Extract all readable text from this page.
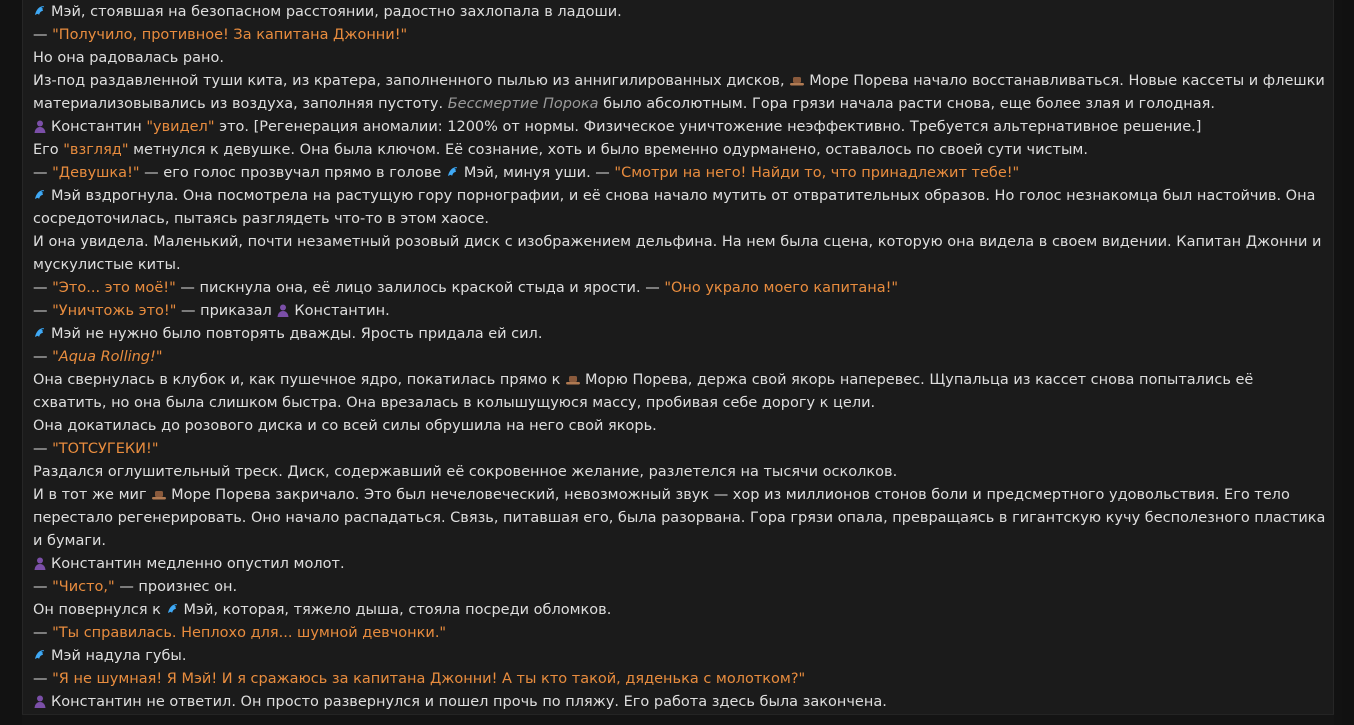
Мэй, стоявшая на безопасном расстоянии, радостно захлопала в ладоши.

— "Получило, противное! За капитана Джонни!"

Но она радовалась рано.

Из-под раздавленной туши кита, из кратера, заполненного пылью из аннигилированных дисков,
Море Порева начало восстанавливаться. Новые кассеты и флешки материализовывались из воздуха, заполняя пустоту. Бессмертие Порока было абсолютным. Гора грязи начала расти снова, еще более злая и голодная.

Константин "увидел" это. [Регенерация аномалии: 1200% от нормы. Физическое уничтожение неэффективно. Требуется альтернативное решение.]

Его "взгляд" метнулся к девушке. Она была ключом. Её сознание, хоть и было временно одурманено, оставалось по своей сути чистым.

— "Девушка!" — его голос прозвучал прямо в голове
Мэй, минуя уши. — "Смотри на него! Найди то, что принадлежит тебе!"

Мэй вздрогнула. Она посмотрела на растущую гору порнографии, и её снова начало мутить от отвратительных образов. Но голос незнакомца был настойчив. Она сосредоточилась, пытаясь разглядеть что-то в этом хаосе.

И она увидела. Маленький, почти незаметный розовый диск с изображением дельфина. На нем была сцена, которую она видела в своем видении. Капитан Джонни и мускулистые киты.

— "Это... это моё!" — пискнула она, её лицо залилось краской стыда и ярости. — "Оно украло моего капитана!"

— "Уничтожь это!" — приказал
Константин.

Мэй не нужно было повторять дважды. Ярость придала ей сил.

— "Aqua Rolling!"

Она свернулась в клубок и, как пушечное ядро, покатилась прямо к
Морю Порева, держа свой якорь наперевес. Щупальца из кассет снова попытались её схватить, но она была слишком быстра. Она врезалась в колышущуюся массу, пробивая себе дорогу к цели.

Она докатилась до розового диска и со всей силы обрушила на него свой якорь.

— "ТОТСУГЕКИ!"

Раздался оглушительный треск. Диск, содержавший её сокровенное желание, разлетелся на тысячи осколков.

И в тот же миг
Море Порева закричало. Это был нечеловеческий, невозможный звук — хор из миллионов стонов боли и предсмертного удовольствия. Его тело перестало регенерировать. Оно начало распадаться. Связь, питавшая его, была разорвана. Гора грязи опала, превращаясь в гигантскую кучу бесполезного пластика и бумаги.

Константин медленно опустил молот.

— "Чисто," — произнес он.

Он повернулся к
Мэй, которая, тяжело дыша, стояла посреди обломков.

— "Ты справилась. Неплохо для... шумной девчонки."

Мэй надула губы.

— "Я не шумная! Я Мэй! И я сражаюсь за капитана Джонни! А ты кто такой, дяденька с молотком?"

Константин не ответил. Он просто развернулся и пошел прочь по пляжу. Его работа здесь была закончена.
